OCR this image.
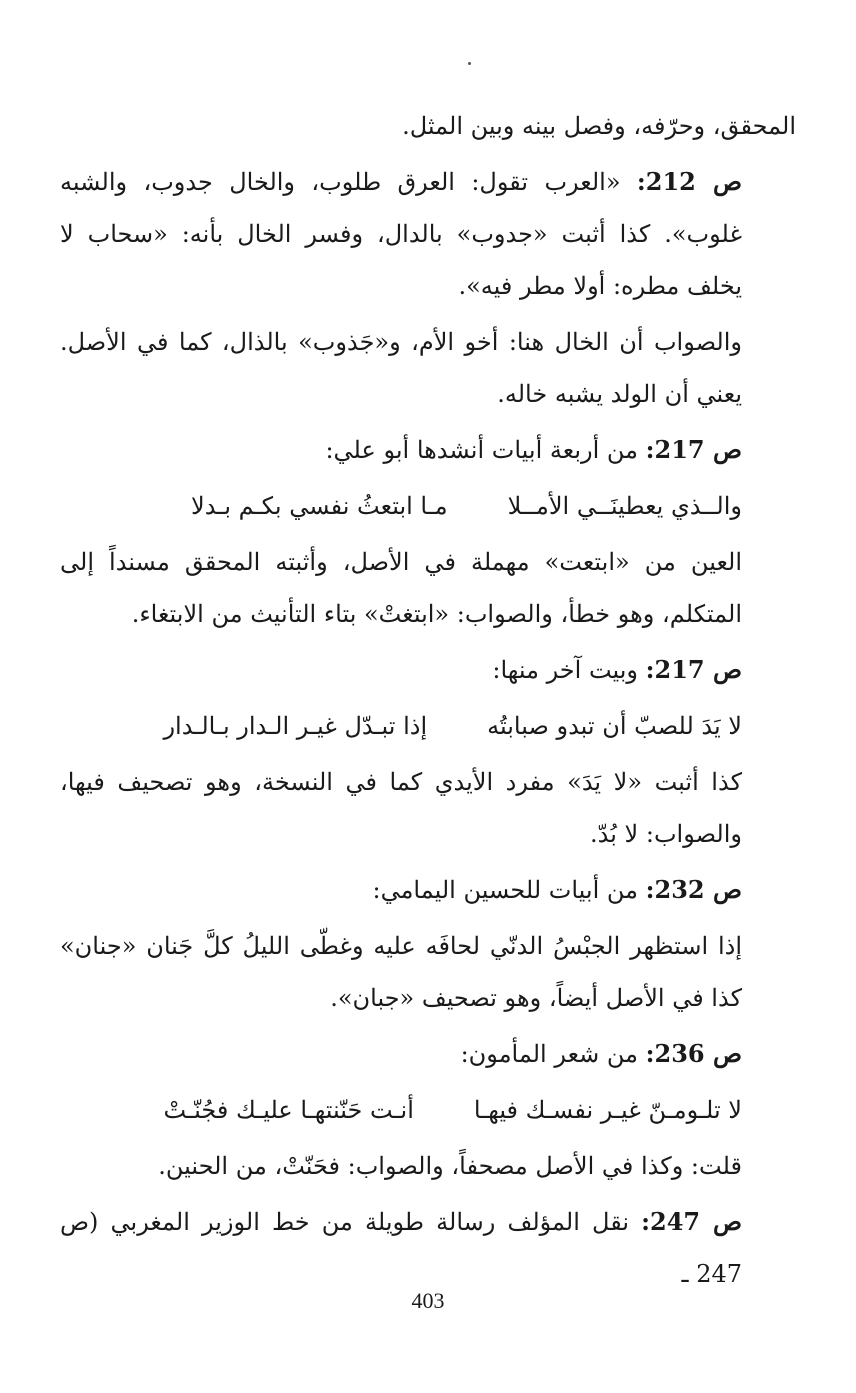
المحقق، وحرّفه، وفصل بينه وبين المثل.

ص 212: «العرب تقول: العرق طلوب، والخال جدوب، والشبه غلوب». كذا أثبت «جدوب» بالدال، وفسر الخال بأنه: «سحاب لا يخلف مطره: أولا مطر فيه».

والصواب أن الخال هنا: أخو الأم، و«جَذوب» بالذال، كما في الأصل. يعني أن الولد يشبه خاله.

ص 217: من أربعة أبيات أنشدها أبو علي:

والــذي يعطينَــي الأمــلا
مـا ابتعثُ نفسي بكـم بـدلا

العين من «ابتعت» مهملة في الأصل، وأثبته المحقق مسنداً إلى المتكلم، وهو خطأ، والصواب: «ابتغتْ» بتاء التأنيث من الابتغاء.

ص 217: وبيت آخر منها:

لا يَدَ للصبّ أن تبدو صبابتُه
إذا تبـدّل غيـر الـدار بـالـدار

كذا أثبت «لا يَدَ» مفرد الأيدي كما في النسخة، وهو تصحيف فيها، والصواب: لا بُدّ.

ص 232: من أبيات للحسين اليمامي:

إذا استظهر الجبْسُ الدنّي لحافَه عليه وغطّى الليلُ كلَّ جَنان «جنان» كذا في الأصل أيضاً، وهو تصحيف «جبان».

ص 236: من شعر المأمون:

لا تلـومـنّ غيـر نفسـك فيهـا
أنـت حَنّنتهـا عليـك فجُنّـتْ

قلت: وكذا في الأصل مصحفاً، والصواب: فحَنّتْ، من الحنين.

ص 247: نقل المؤلف رسالة طويلة من خط الوزير المغربي (ص 247 ـ

403
